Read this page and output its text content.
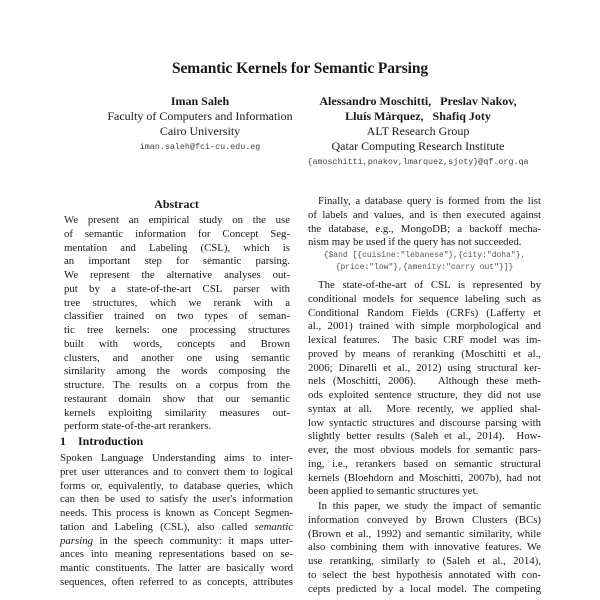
Semantic Kernels for Semantic Parsing
Iman Saleh
Faculty of Computers and Information
Cairo University
iman.saleh@fci-cu.edu.eg
Alessandro Moschitti,   Preslav Nakov,
Lluís Màrquez,   Shafiq Joty
ALT Research Group
Qatar Computing Research Institute
{amoschitti,pnakov,lmarquez,sjoty}@qf.org.qa
Abstract
We present an empirical study on the use
of semantic information for Concept Seg-
mentation and Labeling (CSL), which is
an important step for semantic parsing.
We represent the alternative analyses out-
put by a state-of-the-art CSL parser with
tree structures, which we rerank with a
classifier trained on two types of seman-
tic tree kernels: one processing structures
built with words, concepts and Brown
clusters, and another one using semantic
similarity among the words composing the
structure. The results on a corpus from the
restaurant domain show that our semantic
kernels exploiting similarity measures out-
perform state-of-the-art rerankers.
1 Introduction
Spoken Language Understanding aims to inter-
pret user utterances and to convert them to logical
forms or, equivalently, to database queries, which
can then be used to satisfy the user's information
needs. This process is known as Concept Segmen-
tation and Labeling (CSL), also called semantic
parsing in the speech community: it maps utter-
ances into meaning representations based on se-
mantic constituents. The latter are basically word
sequences, often referred to as concepts, attributes
Finally, a database query is formed from the list
of labels and values, and is then executed against
the database, e.g., MongoDB; a backoff mecha-
nism may be used if the query has not succeeded.
{$and [{cuisine:"lebanese"},{city:"doha"},
{price:"low"},{amenity:"carry out"}]}
The state-of-the-art of CSL is represented by
conditional models for sequence labeling such as
Conditional Random Fields (CRFs) (Lafferty et
al., 2001) trained with simple morphological and
lexical features.  The basic CRF model was im-
proved by means of reranking (Moschitti et al.,
2006; Dinarelli et al., 2012) using structural ker-
nels (Moschitti, 2006).   Although these meth-
ods exploited sentence structure, they did not use
syntax at all.  More recently, we applied shal-
low syntactic structures and discourse parsing with
slightly better results (Saleh et al., 2014).  How-
ever, the most obvious models for semantic pars-
ing, i.e., rerankers based on semantic structural
kernels (Bloehdorn and Moschitti, 2007b), had not
been applied to semantic structures yet.
In this paper, we study the impact of semantic
information conveyed by Brown Clusters (BCs)
(Brown et al., 1992) and semantic similarity, while
also combining them with innovative features. We
use reranking, similarly to (Saleh et al., 2014),
to select the best hypothesis annotated with con-
cepts predicted by a local model. The competing
